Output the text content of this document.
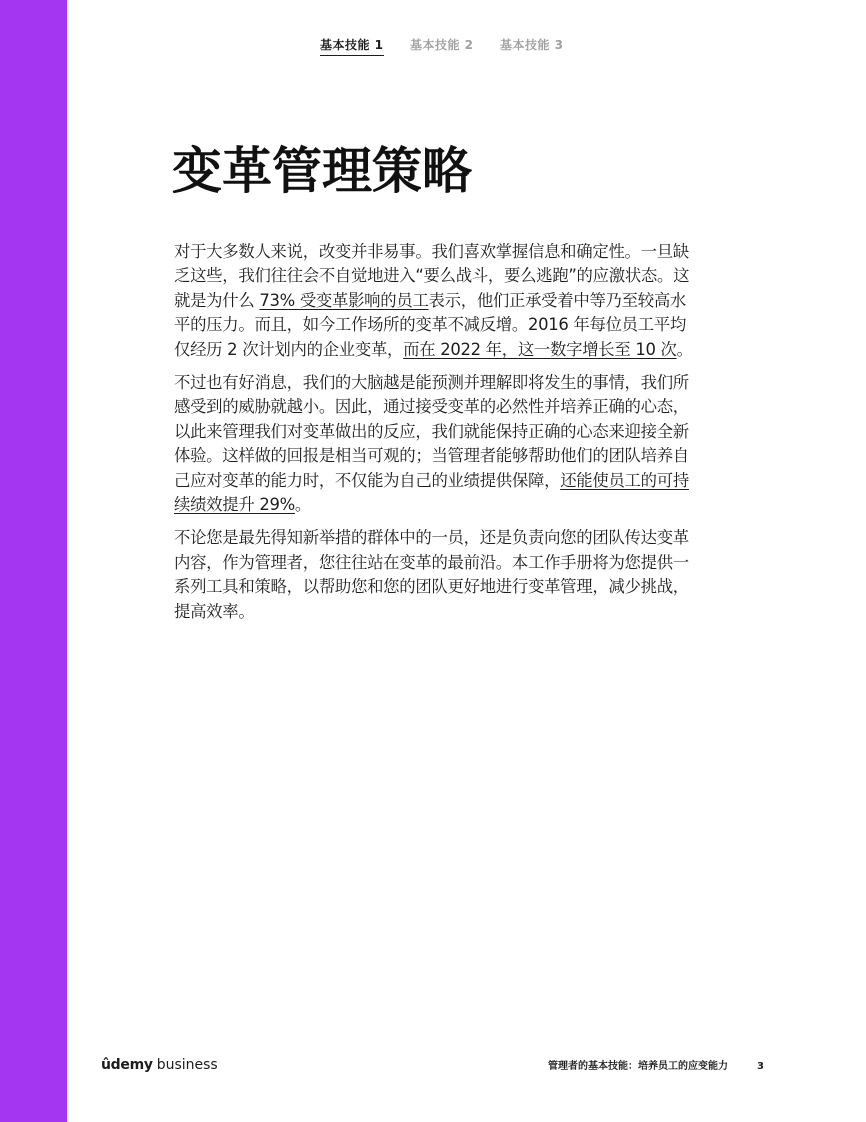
基本技能 1 基本技能 2 基本技能 3
变革管理策略

对于大多数人来说，改变并非易事。我们喜欢掌握信息和确定性。一旦缺乏这些，我们往往会不自觉地进入“要么战斗，要么逃跑”的应激状态。这就是为什么 73% 受变革影响的员工表示，他们正承受着中等乃至较高水平的压力。而且，如今工作场所的变革不减反增。2016 年每位员工平均仅经历 2 次计划内的企业变革，而在 2022 年，这一数字增长至 10 次。

不过也有好消息，我们的大脑越是能预测并理解即将发生的事情，我们所感受到的威胁就越小。因此，通过接受变革的必然性并培养正确的心态，以此来管理我们对变革做出的反应，我们就能保持正确的心态来迎接全新体验。这样做的回报是相当可观的；当管理者能够帮助他们的团队培养自己应对变革的能力时，不仅能为自己的业绩提供保障，还能使员工的可持续绩效提升 29%。

不论您是最先得知新举措的群体中的一员，还是负责向您的团队传达变革内容，作为管理者，您往往站在变革的最前沿。本工作手册将为您提供一系列工具和策略，以帮助您和您的团队更好地进行变革管理，减少挑战，提高效率。

ûdemy business	管理者的基本技能：培养员工的应变能力	3
